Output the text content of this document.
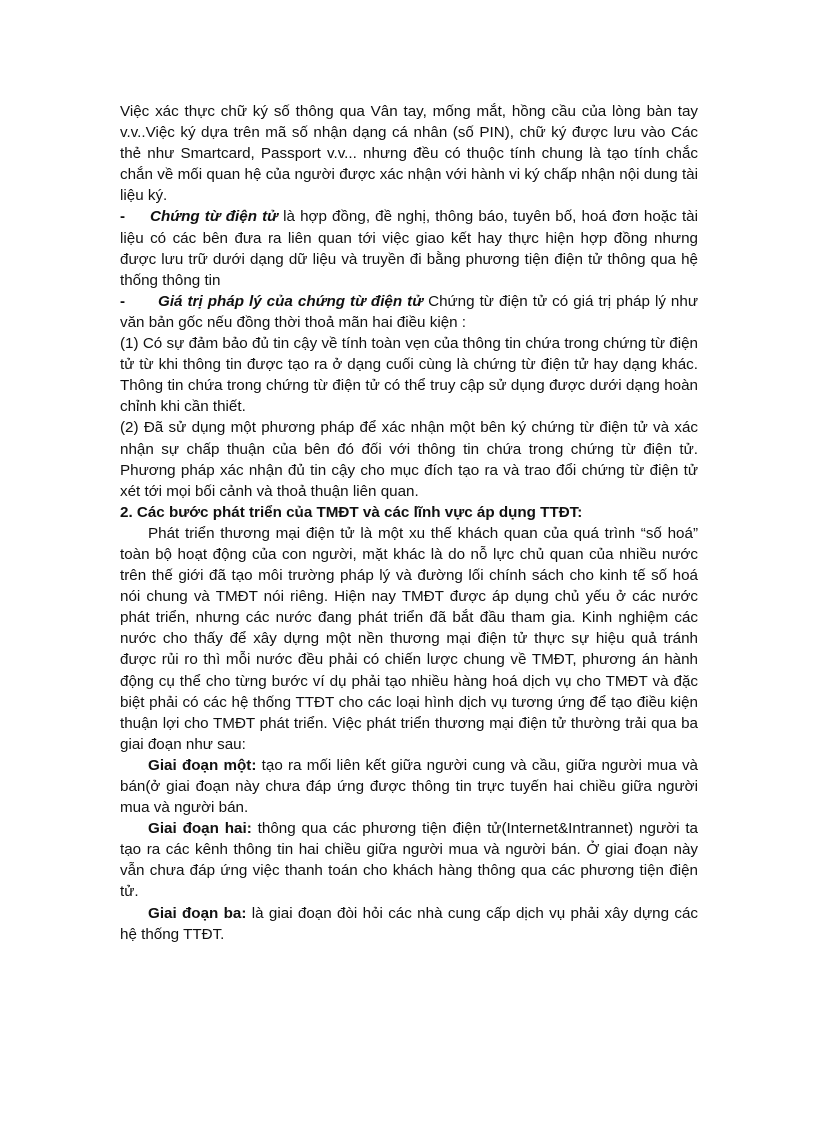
Việc xác thực chữ ký số thông qua Vân tay, mống mắt, hồng cầu của lòng bàn tay v.v..Việc ký dựa trên mã số nhận dạng cá nhân (số PIN), chữ ký được lưu vào Các thẻ như Smartcard, Passport v.v... nhưng đều có thuộc tính chung là tạo tính chắc chắn về mối quan hệ của người được xác nhận với hành vi ký chấp nhận nội dung tài liệu ký.

- Chứng từ điện tử là hợp đồng, đề nghị, thông báo, tuyên bố, hoá đơn hoặc tài liệu có các bên đưa ra liên quan tới việc giao kết hay thực hiện hợp đồng nhưng được lưu trữ dưới dạng dữ liệu và truyền đi bằng phương tiện điện tử thông qua hệ thống thông tin

- Giá trị pháp lý của chứng từ điện tử Chứng từ điện tử có giá trị pháp lý như văn bản gốc nếu đồng thời thoả mãn hai điều kiện :

(1) Có sự đảm bảo đủ tin cậy về tính toàn vẹn của thông tin chứa trong chứng từ điện tử từ khi thông tin được tạo ra ở dạng cuối cùng là chứng từ điện tử hay dạng khác. Thông tin chứa trong chứng từ điện tử có thể truy cập sử dụng được dưới dạng hoàn chỉnh khi cần thiết.

(2) Đã sử dụng một phương pháp để xác nhận một bên ký chứng từ điện tử và xác nhận sự chấp thuận của bên đó đối với thông tin chứa trong chứng từ điện tử. Phương pháp xác nhận đủ tin cậy cho mục đích tạo ra và trao đổi chứng từ điện tử xét tới mọi bối cảnh và thoả thuận liên quan.

2. Các bước phát triển của TMĐT và các lĩnh vực áp dụng TTĐT:

Phát triển thương mại điện tử là một xu thế khách quan của quá trình “số hoá” toàn bộ hoạt động của con người, mặt khác là do nỗ lực chủ quan của nhiều nước trên thế giới đã tạo môi trường pháp lý và đường lối chính sách cho kinh tế số hoá nói chung và TMĐT nói riêng. Hiện nay TMĐT được áp dụng chủ yếu ở các nước phát triển, nhưng các nước đang phát triển đã bắt đầu tham gia. Kinh nghiệm các nước cho thấy để xây dựng một nền thương mại điện tử thực sự hiệu quả tránh được rủi ro thì mỗi nước đều phải có chiến lược chung về TMĐT, phương án hành động cụ thể cho từng bước ví dụ phải tạo nhiều hàng hoá dịch vụ cho TMĐT và đặc biệt phải có các hệ thống TTĐT cho các loại hình dịch vụ tương ứng để tạo điều kiện thuận lợi cho TMĐT phát triển. Việc phát triển thương mại điện tử thường trải qua ba giai đoạn như sau:

Giai đoạn một: tạo ra mối liên kết giữa người cung và cầu, giữa người mua và bán(ở giai đoạn này chưa đáp ứng được thông tin trực tuyến hai chiều giữa người mua và người bán.

Giai đoạn hai: thông qua các phương tiện điện tử(Internet&Intrannet) người ta tạo ra các kênh thông tin hai chiều giữa người mua và người bán. Ở giai đoạn này vẫn chưa đáp ứng việc thanh toán cho khách hàng thông qua các phương tiện điện tử.

Giai đoạn ba: là giai đoạn đòi hỏi các nhà cung cấp dịch vụ phải xây dựng các hệ thống TTĐT.
